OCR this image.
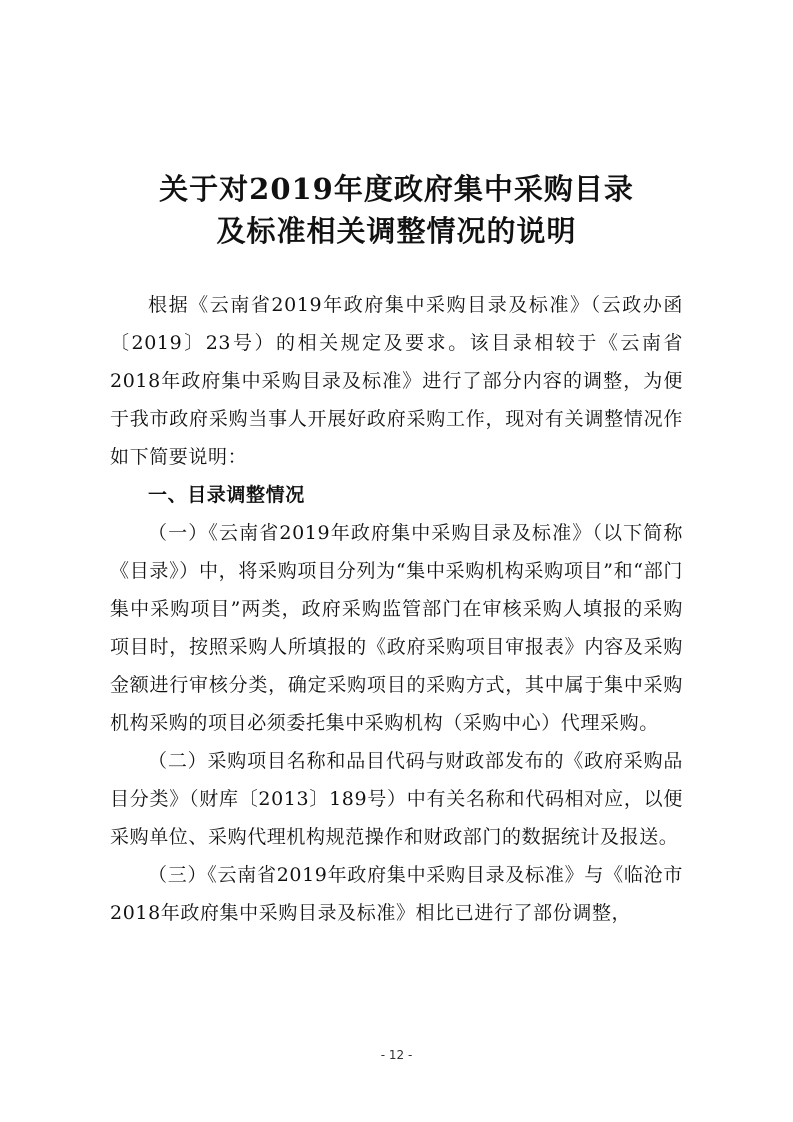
关于对2019年度政府集中采购目录
及标准相关调整情况的说明

根据《云南省2019年政府集中采购目录及标准》（云政办函〔2019〕23号）的相关规定及要求。该目录相较于《云南省2018年政府集中采购目录及标准》进行了部分内容的调整，为便于我市政府采购当事人开展好政府采购工作，现对有关调整情况作如下简要说明：

一、目录调整情况

（一）《云南省2019年政府集中采购目录及标准》（以下简称《目录》）中，将采购项目分列为“集中采购机构采购项目”和“部门集中采购项目”两类，政府采购监管部门在审核采购人填报的采购项目时，按照采购人所填报的《政府采购项目审报表》内容及采购金额进行审核分类，确定采购项目的采购方式，其中属于集中采购机构采购的项目必须委托集中采购机构（采购中心）代理采购。

（二）采购项目名称和品目代码与财政部发布的《政府采购品目分类》（财库〔2013〕189号）中有关名称和代码相对应，以便采购单位、采购代理机构规范操作和财政部门的数据统计及报送。

（三）《云南省2019年政府集中采购目录及标准》与《临沧市2018年政府集中采购目录及标准》相比已进行了部份调整，

- 12 -
